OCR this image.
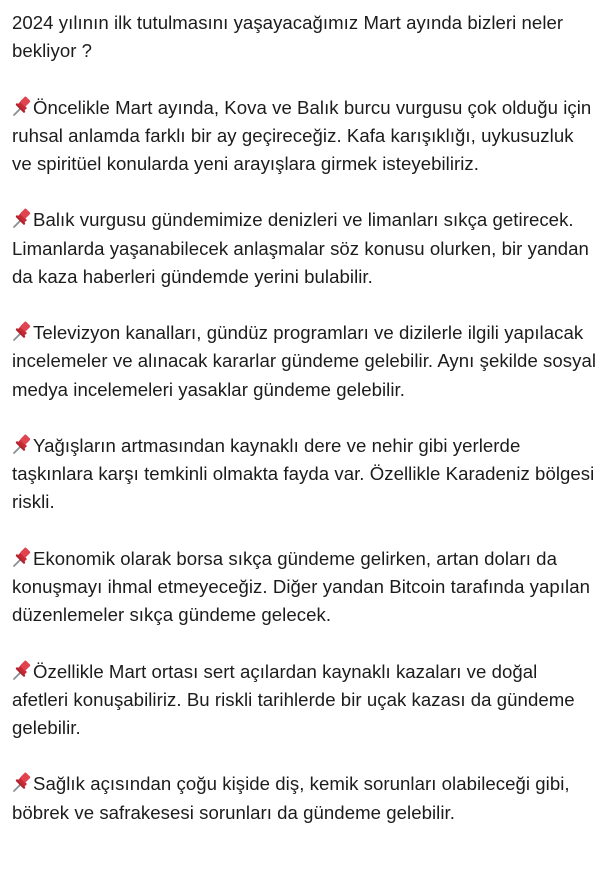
2024 yılının ilk tutulmasını yaşayacağımız Mart ayında bizleri neler bekliyor ?

Öncelikle Mart ayında, Kova ve Balık burcu vurgusu çok olduğu için ruhsal anlamda farklı bir ay geçireceğiz. Kafa karışıklığı, uykusuzluk ve spiritüel konularda yeni arayışlara girmek isteyebiliriz.

Balık vurgusu gündemimize denizleri ve limanları sıkça getirecek. Limanlarda yaşanabilecek anlaşmalar söz konusu olurken, bir yandan da kaza haberleri gündemde yerini bulabilir.

Televizyon kanalları, gündüz programları ve dizilerle ilgili yapılacak incelemeler ve alınacak kararlar gündeme gelebilir. Aynı şekilde sosyal medya incelemeleri yasaklar gündeme gelebilir.

Yağışların artmasından kaynaklı dere ve nehir gibi yerlerde taşkınlara karşı temkinli olmakta fayda var. Özellikle Karadeniz bölgesi riskli.

Ekonomik olarak borsa sıkça gündeme gelirken, artan doları da konuşmayı ihmal etmeyeceğiz. Diğer yandan Bitcoin tarafında yapılan düzenlemeler sıkça gündeme gelecek.

Özellikle Mart ortası sert açılardan kaynaklı kazaları ve doğal afetleri konuşabiliriz. Bu riskli tarihlerde bir uçak kazası da gündeme gelebilir.

Sağlık açısından çoğu kişide diş, kemik sorunları olabileceği gibi, böbrek ve safrakesesi sorunları da gündeme gelebilir.
